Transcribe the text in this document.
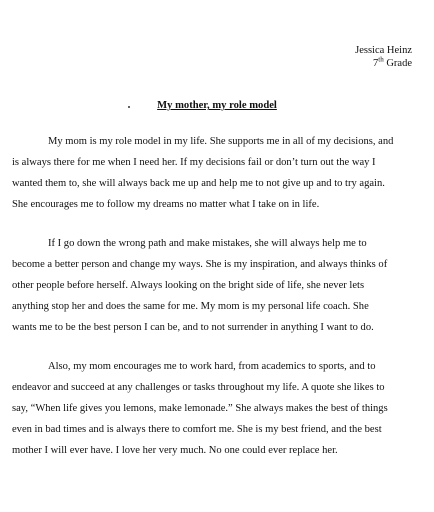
Jessica Heinz
7th Grade
My mother, my role model
My mom is my role model in my life. She supports me in all of my decisions, and
is always there for me when I need her. If my decisions fail or don’t turn out the way I
wanted them to, she will always back me up and help me to not give up and to try again.
She encourages me to follow my dreams no matter what I take on in life.
If I go down the wrong path and make mistakes, she will always help me to
become a better person and change my ways. She is my inspiration, and always thinks of
other people before herself. Always looking on the bright side of life, she never lets
anything stop her and does the same for me. My mom is my personal life coach. She
wants me to be the best person I can be, and to not surrender in anything I want to do.
Also, my mom encourages me to work hard, from academics to sports, and to
endeavor and succeed at any challenges or tasks throughout my life. A quote she likes to
say, “When life gives you lemons, make lemonade.” She always makes the best of things
even in bad times and is always there to comfort me. She is my best friend, and the best
mother I will ever have. I love her very much. No one could ever replace her.
